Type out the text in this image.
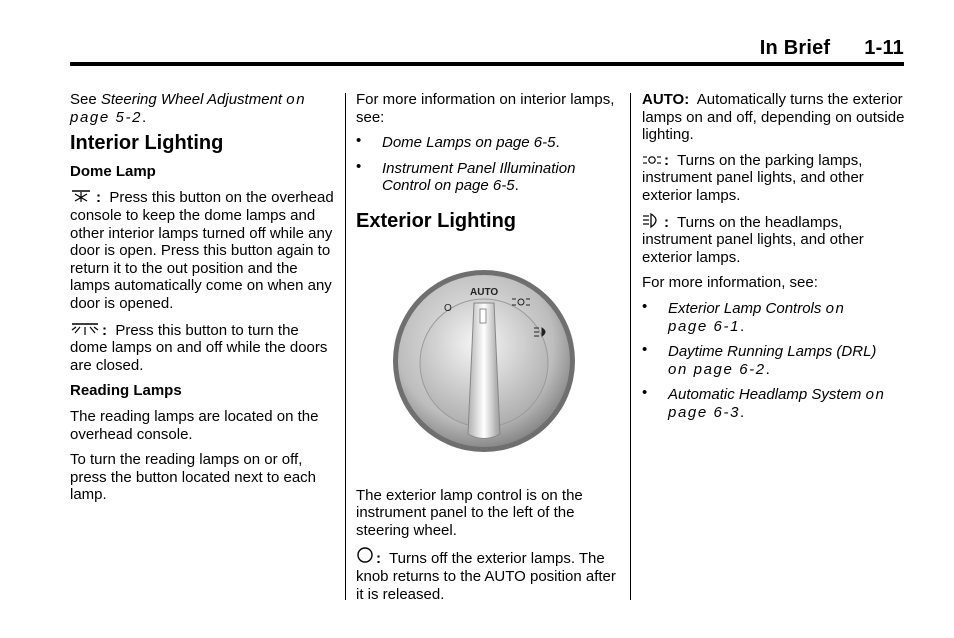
In Brief 1-11

See Steering Wheel Adjustment on
page 5-2.

Interior Lighting
Dome Lamp

: Press this button on the overhead console to keep the dome lamps and other interior lamps turned off while any door is open. Press this button again to return it to the out position and the lamps automatically come on when any door is opened.

: Press this button to turn the dome lamps on and off while the doors are closed.

Reading Lamps

The reading lamps are located on the overhead console.

To turn the reading lamps on or off, press the button located next to each lamp.

For more information on interior lamps, see:

• Dome Lamps on page 6-5.
• Instrument Panel Illumination Control on page 6-5.
Exterior Lighting
O
AUTO

The exterior lamp control is on the instrument panel to the left of the steering wheel.

: Turns off the exterior lamps. The knob returns to the AUTO position after it is released.

AUTO: Automatically turns the exterior lamps on and off, depending on outside lighting.

: Turns on the parking lamps, instrument panel lights, and other exterior lamps.

: Turns on the headlamps, instrument panel lights, and other exterior lamps.

For more information, see:

• Exterior Lamp Controls on
page 6-1.
• Daytime Running Lamps (DRL)
on page 6-2.
• Automatic Headlamp System on
page 6-3.
